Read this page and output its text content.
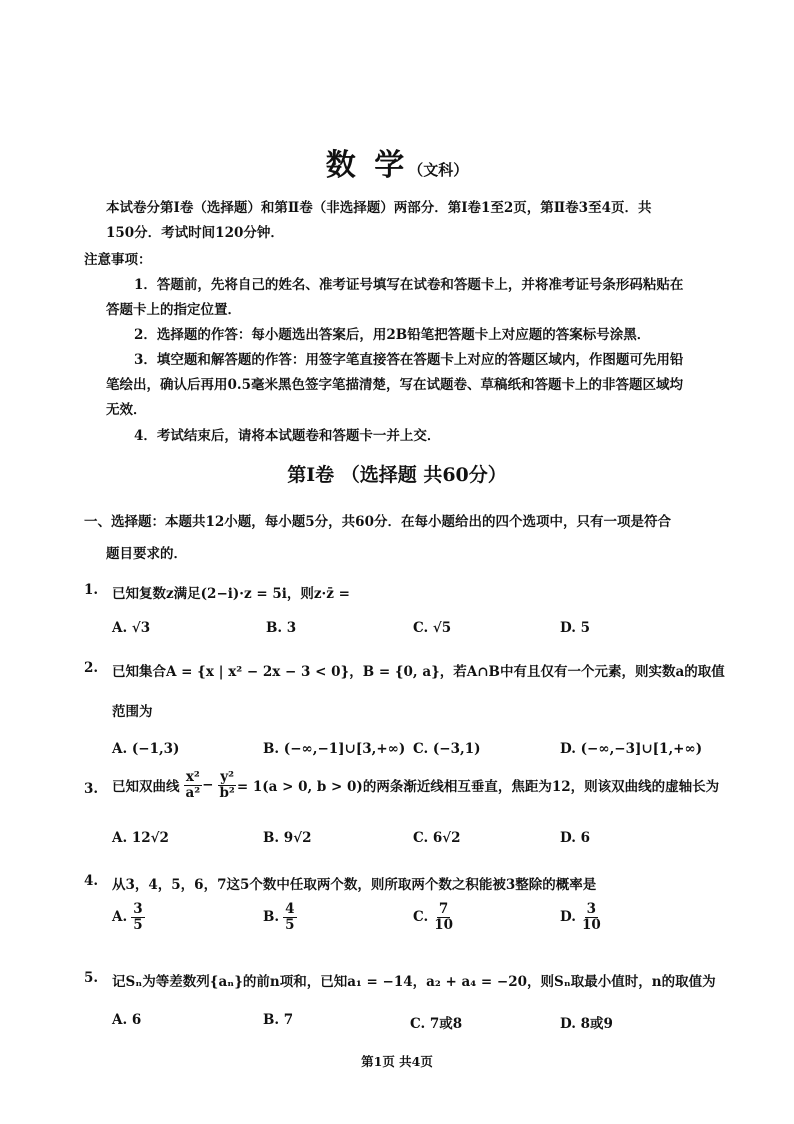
数 学（文科）
本试卷分第Ⅰ卷（选择题）和第Ⅱ卷（非选择题）两部分．第Ⅰ卷1至2页，第Ⅱ卷3至4页．共
150分．考试时间120分钟．
注意事项：
1．答题前，先将自己的姓名、准考证号填写在试卷和答题卡上，并将准考证号条形码粘贴在
答题卡上的指定位置．
2．选择题的作答：每小题选出答案后，用2B铅笔把答题卡上对应题的答案标号涂黑．
3．填空题和解答题的作答：用签字笔直接答在答题卡上对应的答题区域内，作图题可先用铅
笔绘出，确认后再用0.5毫米黑色签字笔描清楚，写在试题卷、草稿纸和答题卡上的非答题区域均
无效．
4．考试结束后，请将本试题卷和答题卡一并上交．
第Ⅰ卷 （选择题 共60分）
一、选择题：本题共12小题，每小题5分，共60分．在每小题给出的四个选项中，只有一项是符合
题目要求的．
1. 已知复数z满足(2−i)·z = 5i，则z·z̄ =
A. √3	B. 3	C. √5	D. 5
2. 已知集合A = {x | x² − 2x − 3 < 0}，B = {0, a}，若A∩B中有且仅有一个元素，则实数a的取值
范围为
A. (−1,3)	B. (−∞,−1]∪[3,+∞) C. (−3,1)	D. (−∞,−3]∪[1,+∞)
3. 已知双曲线 $\frac{\text{x²}}{\text{a²}} - \frac{\text{y²}}{\text{b²}} = 1(a > 0$, b > 0)的两条渐近线相互垂直，焦距为12，则该双曲线的虚轴长为
A. 12√2	B. 9√2	C. 6√2	D. 6
4. 从3，4，5，6，7这5个数中任取两个数，则所取两个数之积能被3整除的概率是
A. $\frac{3}{5}$	B. $\frac{4}{5}$	C. $\frac{7}{10}$	D. $\frac{3}{10}$
5. 记Sₙ为等差数列{aₙ}的前n项和，已知a₁ = −14，a₂ + a₄ = −20，则Sₙ取最小值时，n的取值为
A. 6	B. 7	C. 7或8	D. 8或9
第1页 共4页
